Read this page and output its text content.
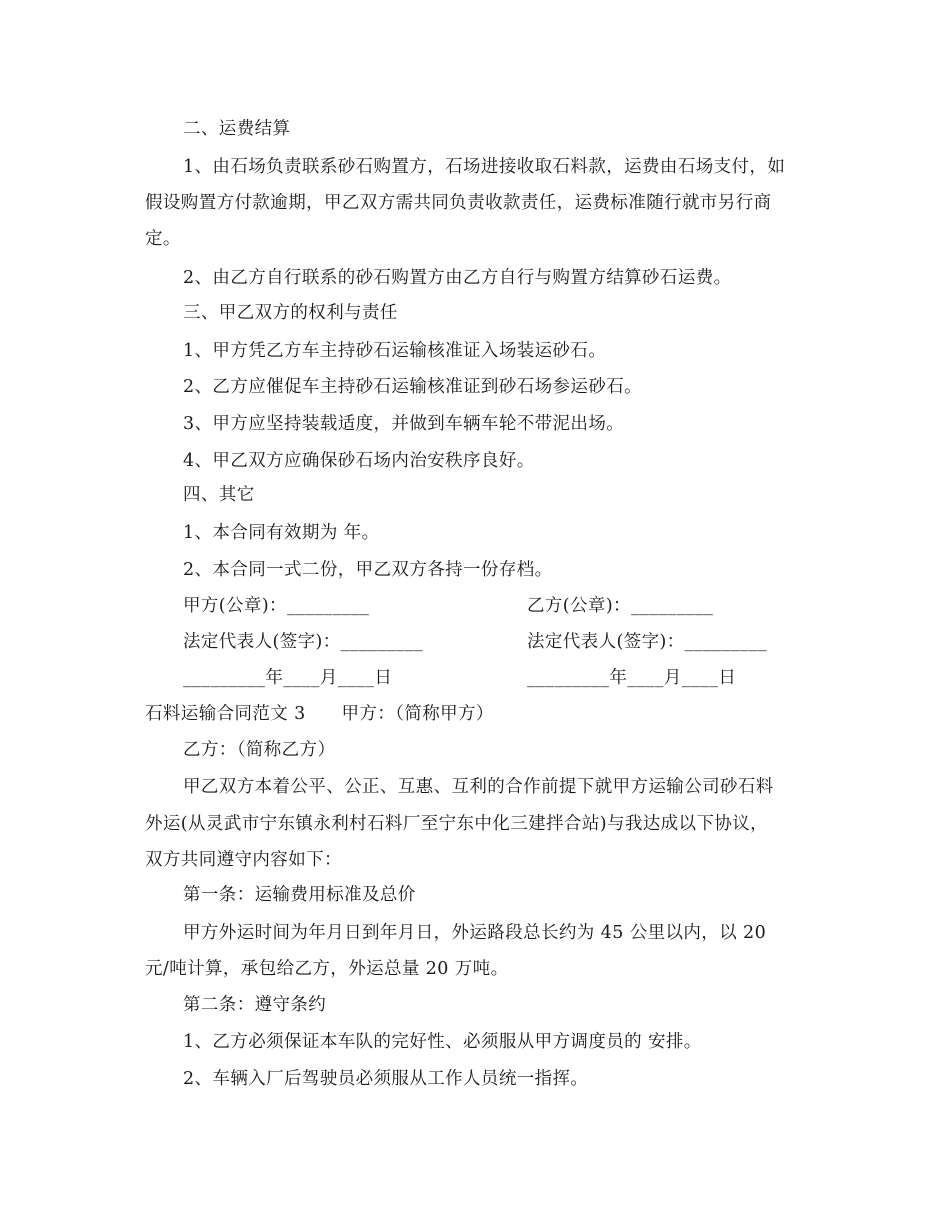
二、运费结算
1、由石场负责联系砂石购置方，石场进接收取石料款，运费由石场支付，如
假设购置方付款逾期，甲乙双方需共同负责收款责任，运费标准随行就市另行商
定。
2、由乙方自行联系的砂石购置方由乙方自行与购置方结算砂石运费。
三、甲乙双方的权利与责任
1、甲方凭乙方车主持砂石运输核准证入场装运砂石。
2、乙方应催促车主持砂石运输核准证到砂石场参运砂石。
3、甲方应坚持装载适度，并做到车辆车轮不带泥出场。
4、甲乙双方应确保砂石场内治安秩序良好。
四、其它
1、本合同有效期为 年。
2、本合同一式二份，甲乙双方各持一份存档。
甲方(公章)：_________	乙方(公章)：_________
法定代表人(签字)：_________	法定代表人(签字)：_________
_________年____月____日	_________年____月____日
石料运输合同范文 3      甲方：（简称甲方）
乙方：（简称乙方）
甲乙双方本着公平、公正、互惠、互利的合作前提下就甲方运输公司砂石料
外运(从灵武市宁东镇永利村石料厂至宁东中化三建拌合站)与我达成以下协议，
双方共同遵守内容如下：
第一条：运输费用标准及总价
甲方外运时间为年月日到年月日，外运路段总长约为 45 公里以内，以 20
元/吨计算，承包给乙方，外运总量 20 万吨。
第二条：遵守条约
1、乙方必须保证本车队的完好性、必须服从甲方调度员的 安排。
2、车辆入厂后驾驶员必须服从工作人员统一指挥。
